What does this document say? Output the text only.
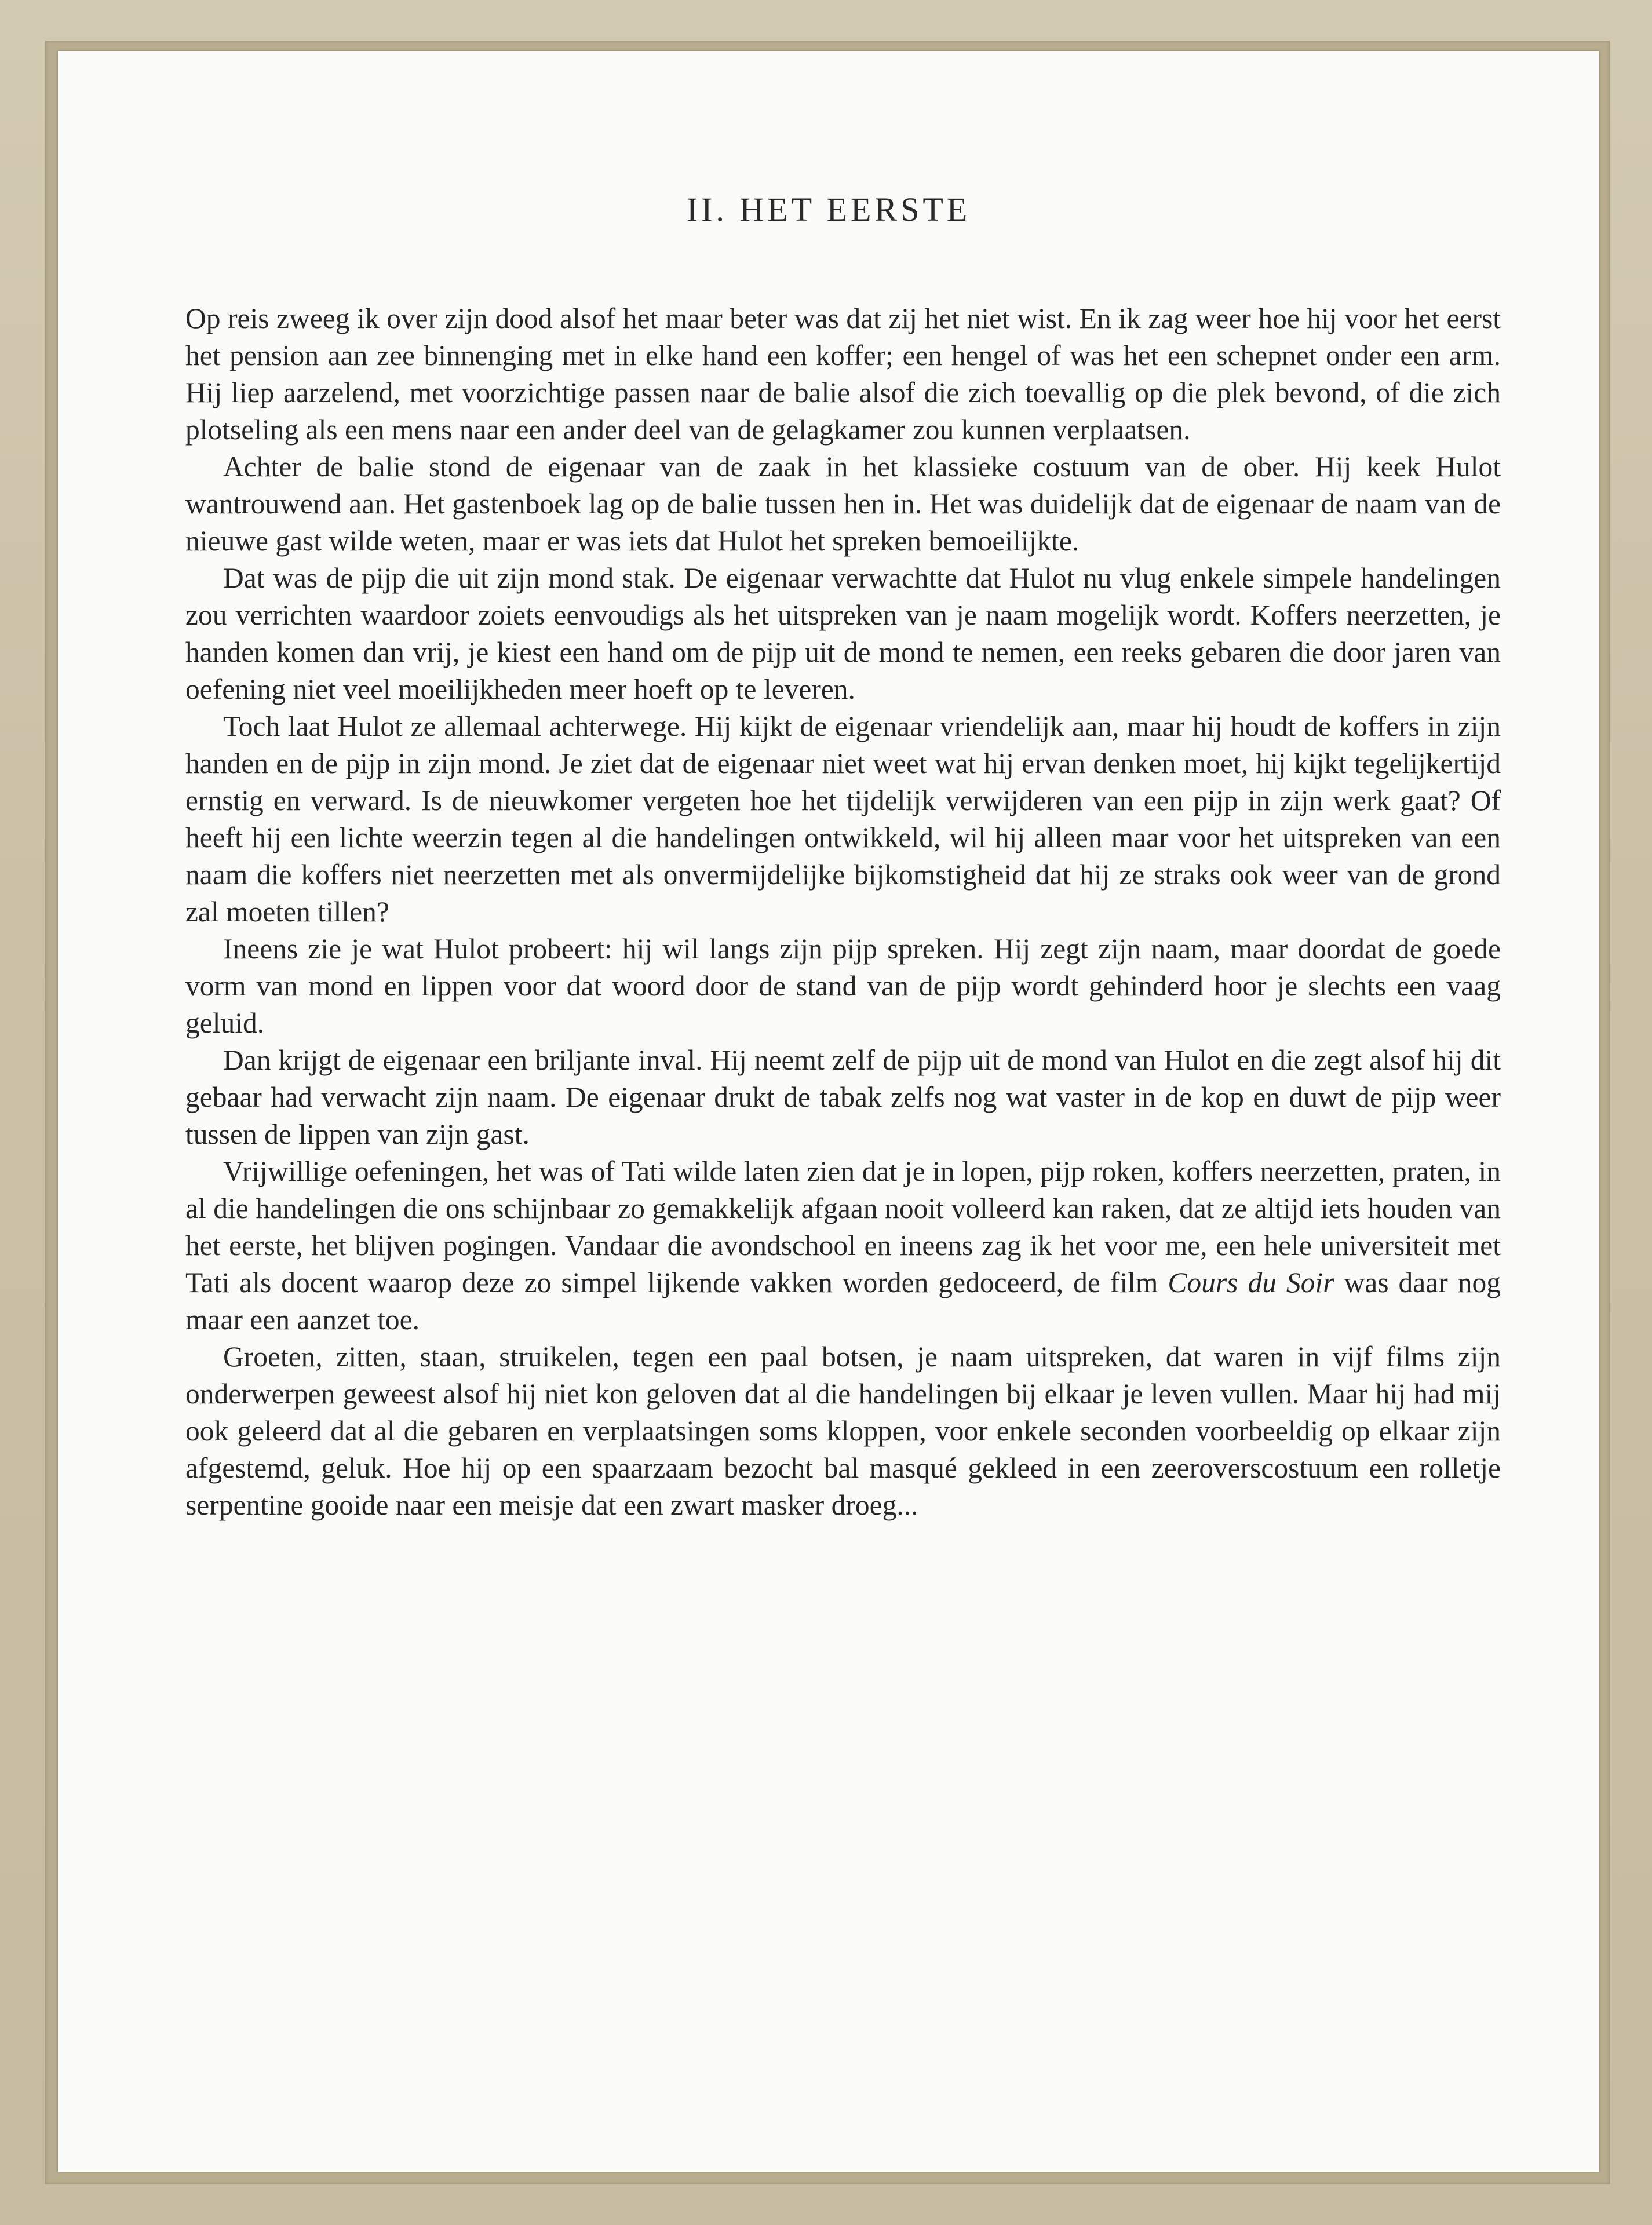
II. HET EERSTE

Op reis zweeg ik over zijn dood alsof het maar beter was dat zij het niet wist. En ik zag weer hoe hij voor het eerst het pension aan zee binnenging met in elke hand een koffer; een hengel of was het een schepnet onder een arm. Hij liep aarzelend, met voorzichtige passen naar de balie alsof die zich toevallig op die plek bevond, of die zich plotseling als een mens naar een ander deel van de gelagkamer zou kunnen verplaatsen.

Achter de balie stond de eigenaar van de zaak in het klassieke costuum van de ober. Hij keek Hulot wantrouwend aan. Het gastenboek lag op de balie tussen hen in. Het was duidelijk dat de eigenaar de naam van de nieuwe gast wilde weten, maar er was iets dat Hulot het spreken bemoeilijkte.

Dat was de pijp die uit zijn mond stak. De eigenaar verwachtte dat Hulot nu vlug enkele simpele handelingen zou verrichten waardoor zoiets eenvoudigs als het uitspreken van je naam mogelijk wordt. Koffers neerzetten, je handen komen dan vrij, je kiest een hand om de pijp uit de mond te nemen, een reeks gebaren die door jaren van oefening niet veel moeilijkheden meer hoeft op te leveren.

Toch laat Hulot ze allemaal achterwege. Hij kijkt de eigenaar vriendelijk aan, maar hij houdt de koffers in zijn handen en de pijp in zijn mond. Je ziet dat de eigenaar niet weet wat hij ervan denken moet, hij kijkt tegelijkertijd ernstig en verward. Is de nieuwkomer vergeten hoe het tijdelijk verwijderen van een pijp in zijn werk gaat? Of heeft hij een lichte weerzin tegen al die handelingen ontwikkeld, wil hij alleen maar voor het uitspreken van een naam die koffers niet neerzetten met als onvermijdelijke bijkomstigheid dat hij ze straks ook weer van de grond zal moeten tillen?

Ineens zie je wat Hulot probeert: hij wil langs zijn pijp spreken. Hij zegt zijn naam, maar doordat de goede vorm van mond en lippen voor dat woord door de stand van de pijp wordt gehinderd hoor je slechts een vaag geluid.

Dan krijgt de eigenaar een briljante inval. Hij neemt zelf de pijp uit de mond van Hulot en die zegt alsof hij dit gebaar had verwacht zijn naam. De eigenaar drukt de tabak zelfs nog wat vaster in de kop en duwt de pijp weer tussen de lippen van zijn gast.

Vrijwillige oefeningen, het was of Tati wilde laten zien dat je in lopen, pijp roken, koffers neerzetten, praten, in al die handelingen die ons schijnbaar zo gemakkelijk afgaan nooit volleerd kan raken, dat ze altijd iets houden van het eerste, het blijven pogingen. Vandaar die avondschool en ineens zag ik het voor me, een hele universiteit met Tati als docent waarop deze zo simpel lijkende vakken worden gedoceerd, de film Cours du Soir was daar nog maar een aanzet toe.

Groeten, zitten, staan, struikelen, tegen een paal botsen, je naam uitspreken, dat waren in vijf films zijn onderwerpen geweest alsof hij niet kon geloven dat al die handelingen bij elkaar je leven vullen. Maar hij had mij ook geleerd dat al die gebaren en verplaatsingen soms kloppen, voor enkele seconden voorbeeldig op elkaar zijn afgestemd, geluk. Hoe hij op een spaarzaam bezocht bal masqué gekleed in een zeeroverscostuum een rolletje serpentine gooide naar een meisje dat een zwart masker droeg...
